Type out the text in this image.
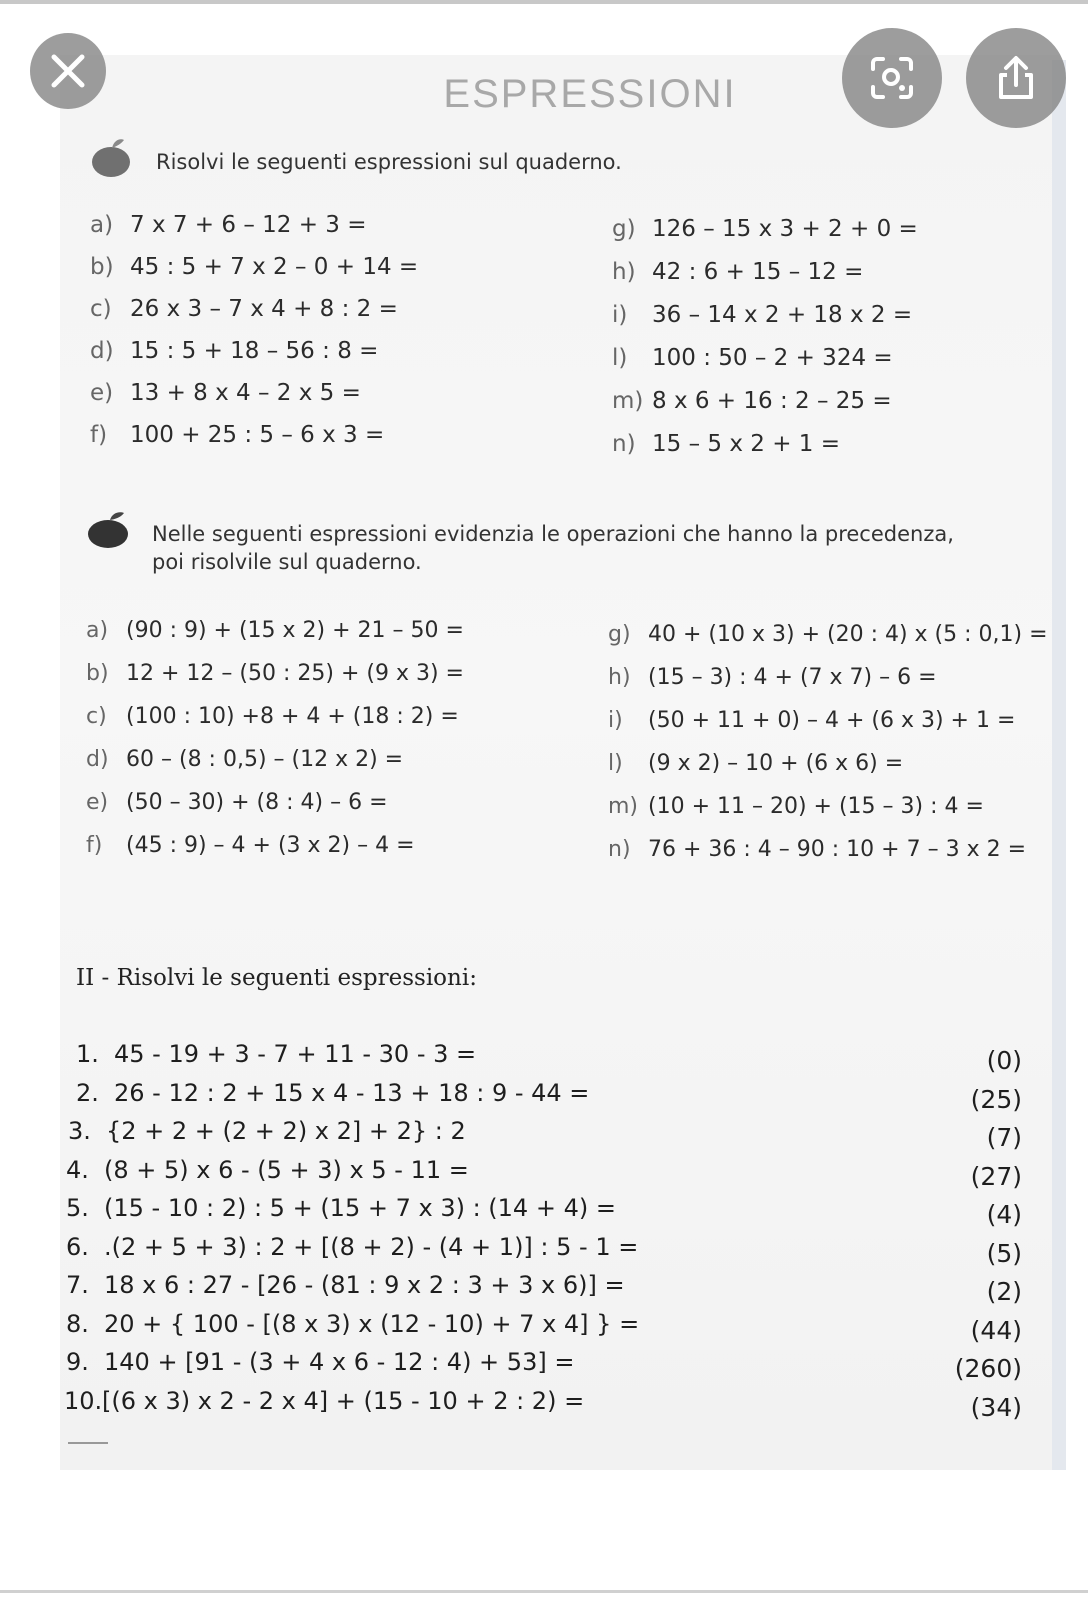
ESPRESSIONI
Risolvi le seguenti espressioni sul quaderno.
a) 7 x 7 + 6 – 12 + 3 =
b) 45 : 5 + 7 x 2 – 0 + 14 =
c) 26 x 3 – 7 x 4 + 8 : 2 =
d) 15 : 5 + 18 – 56 : 8 =
e) 13 + 8 x 4 – 2 x 5 =
f) 100 + 25 : 5 – 6 x 3 =
g) 126 – 15 x 3 + 2 + 0 =
h) 42 : 6 + 15 – 12 =
i) 36 – 14 x 2 + 18 x 2 =
l) 100 : 50 – 2 + 324 =
m) 8 x 6 + 16 : 2 – 25 =
n) 15 – 5 x 2 + 1 =
Nelle seguenti espressioni evidenzia le operazioni che hanno la precedenza,
poi risolvile sul quaderno.
a) (90 : 9) + (15 x 2) + 21 – 50 =
b) 12 + 12 – (50 : 25) + (9 x 3) =
c) (100 : 10) +8 + 4 + (18 : 2) =
d) 60 – (8 : 0,5) – (12 x 2) =
e) (50 – 30) + (8 : 4) – 6 =
f) (45 : 9) – 4 + (3 x 2) – 4 =
g) 40 + (10 x 3) + (20 : 4) x (5 : 0,1) =
h) (15 – 3) : 4 + (7 x 7) – 6 =
i) (50 + 11 + 0) – 4 + (6 x 3) + 1 =
l) (9 x 2) – 10 + (6 x 6) =
m) (10 + 11 – 20) + (15 – 3) : 4 =
n) 76 + 36 : 4 – 90 : 10 + 7 – 3 x 2 =
II - Risolvi le seguenti espressioni:
1. 45 - 19 + 3 - 7 + 11 - 30 - 3 =	(0)
2. 26 - 12 : 2 + 15 x 4 - 13 + 18 : 9 - 44 =	(25)
3. {2 + 2 + (2 + 2) x 2] + 2} : 2	(7)
4. (8 + 5) x 6 - (5 + 3) x 5 - 11 =	(27)
5. (15 - 10 : 2) : 5 + (15 + 7 x 3) : (14 + 4) =	(4)
6. .(2 + 5 + 3) : 2 + [(8 + 2) - (4 + 1)] : 5 - 1 =	(5)
7. 18 x 6 : 27 - [26 - (81 : 9 x 2 : 3 + 3 x 6)] =	(2)
8. 20 + { 100 - [(8 x 3) x (12 - 10) + 7 x 4] } =	(44)
9. 140 + [91 - (3 + 4 x 6 - 12 : 4) + 53] =	(260)
10.[(6 x 3) x 2 - 2 x 4] + (15 - 10 + 2 : 2) =	(34)
